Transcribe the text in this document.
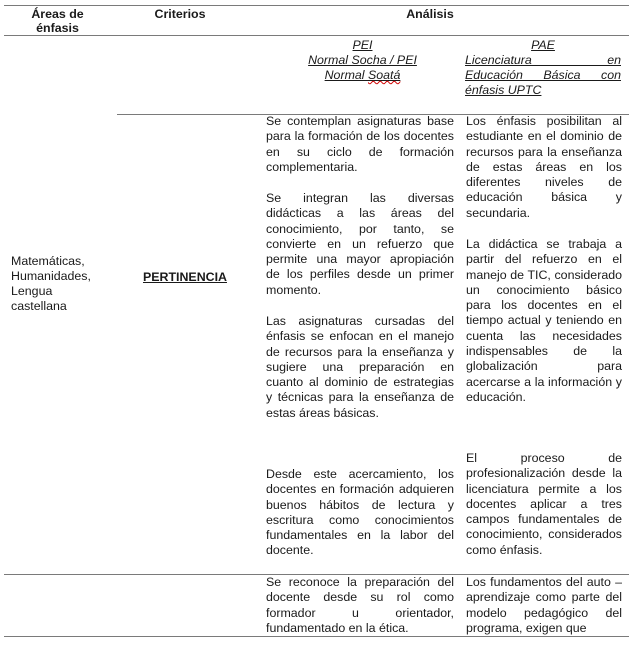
Áreas de
énfasis
Criterios	Análisis
PEI
Normal Socha / PEI
Normal Soatá
PAE
Licenciatura en
Educación Básica con
énfasis UPTC
Matemáticas,
Humanidades,
Lengua
castellana
PERTINENCIA
Se contemplan asignaturas base para la formación de los docentes en su ciclo de formación complementaria.
Se integran las diversas didácticas a las áreas del conocimiento, por tanto, se convierte en un refuerzo que permite una mayor apropiación de los perfiles desde un primer momento.
Las asignaturas cursadas del énfasis se enfocan en el manejo de recursos para la enseñanza y sugiere una preparación en cuanto al dominio de estrategias y técnicas para la enseñanza de estas áreas básicas.
Desde este acercamiento, los docentes en formación adquieren buenos hábitos de lectura y escritura como conocimientos fundamentales en la labor del docente.
Los énfasis posibilitan al estudiante en el dominio de recursos para la enseñanza de estas áreas en los diferentes niveles de educación básica y secundaria.
La didáctica se trabaja a partir del refuerzo en el manejo de TIC, considerado un conocimiento básico para los docentes en el tiempo actual y teniendo en cuenta las necesidades indispensables de la globalización para acercarse a la información y educación.
El proceso de profesionalización desde la licenciatura permite a los docentes aplicar a tres campos fundamentales de conocimiento, considerados como énfasis.
Se reconoce la preparación del docente desde su rol como formador u orientador, fundamentado en la ética.
Los fundamentos del auto – aprendizaje como parte del modelo pedagógico del programa, exigen que
